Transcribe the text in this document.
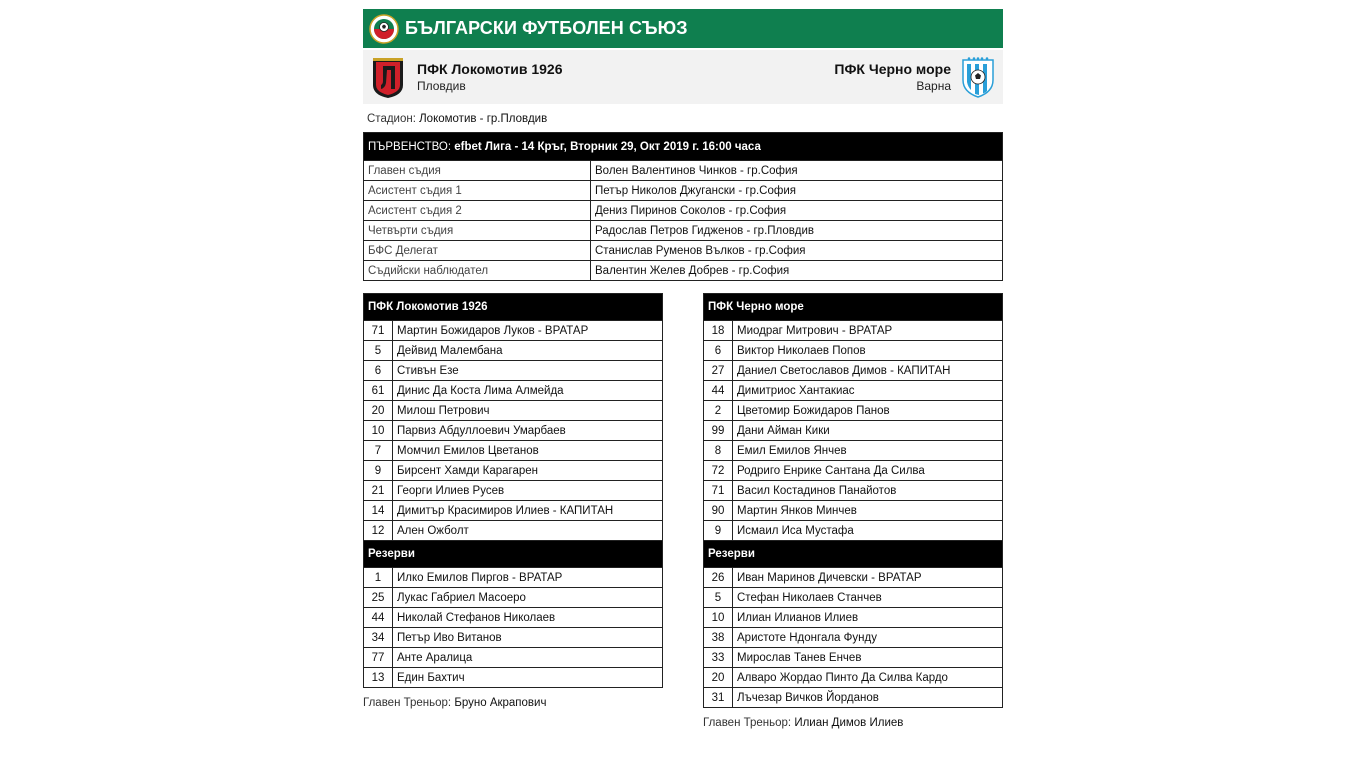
БЪЛГАРСКИ ФУТБОЛЕН СЪЮЗ
ПФК Локомотив 1926
Пловдив
ПФК Черно море
Варна
Стадион: Локомотив - гр.Пловдив
ПЪРВЕНСТВО: efbet Лига - 14 Кръг, Вторник 29, Окт 2019 г. 16:00 часа	
Главен съдия	Волен Валентинов Чинков - гр.София
Асистент съдия 1	Петър Николов Джугански - гр.София
Асистент съдия 2	Дениз Пиринов Соколов - гр.София
Четвърти съдия	Радослав Петров Гидженов - гр.Пловдив
БФС Делегат	Станислав Руменов Вълков - гр.София
Съдийски наблюдател	Валентин Желев Добрев - гр.София
ПФК Локомотив 1926	
71	Мартин Божидаров Луков - ВРАТАР
5	Дейвид Малембана
6	Стивън Езе
61	Динис Да Коста Лима Алмейда
20	Милош Петрович
10	Парвиз Абдуллоевич Умарбаев
7	Момчил Емилов Цветанов
9	Бирсент Хамди Карагарен
21	Георги Илиев Русев
14	Димитър Красимиров Илиев - КАПИТАН
12	Ален Ожболт
Резерви	
1	Илко Емилов Пиргов - ВРАТАР
25	Лукас Габриел Масоеро
44	Николай Стефанов Николаев
34	Петър Иво Витанов
77	Анте Аралица
13	Един Бахтич
Главен Треньор: Бруно Акрапович
ПФК Черно море	
18	Миодраг Митрович - ВРАТАР
6	Виктор Николаев Попов
27	Даниел Светославов Димов - КАПИТАН
44	Димитриос Хантакиас
2	Цветомир Божидаров Панов
99	Дани Айман Кики
8	Емил Емилов Янчев
72	Родриго Енрике Сантана Да Силва
71	Васил Костадинов Панайотов
90	Мартин Янков Минчев
9	Исмаил Иса Мустафа
Резерви	
26	Иван Маринов Дичевски - ВРАТАР
5	Стефан Николаев Станчев
10	Илиан Илианов Илиев
38	Аристоте Ндонгала Фунду
33	Мирослав Танев Енчев
20	Алваро Жордао Пинто Да Силва Кардо
31	Лъчезар Вичков Йорданов
Главен Треньор: Илиан Димов Илиев
